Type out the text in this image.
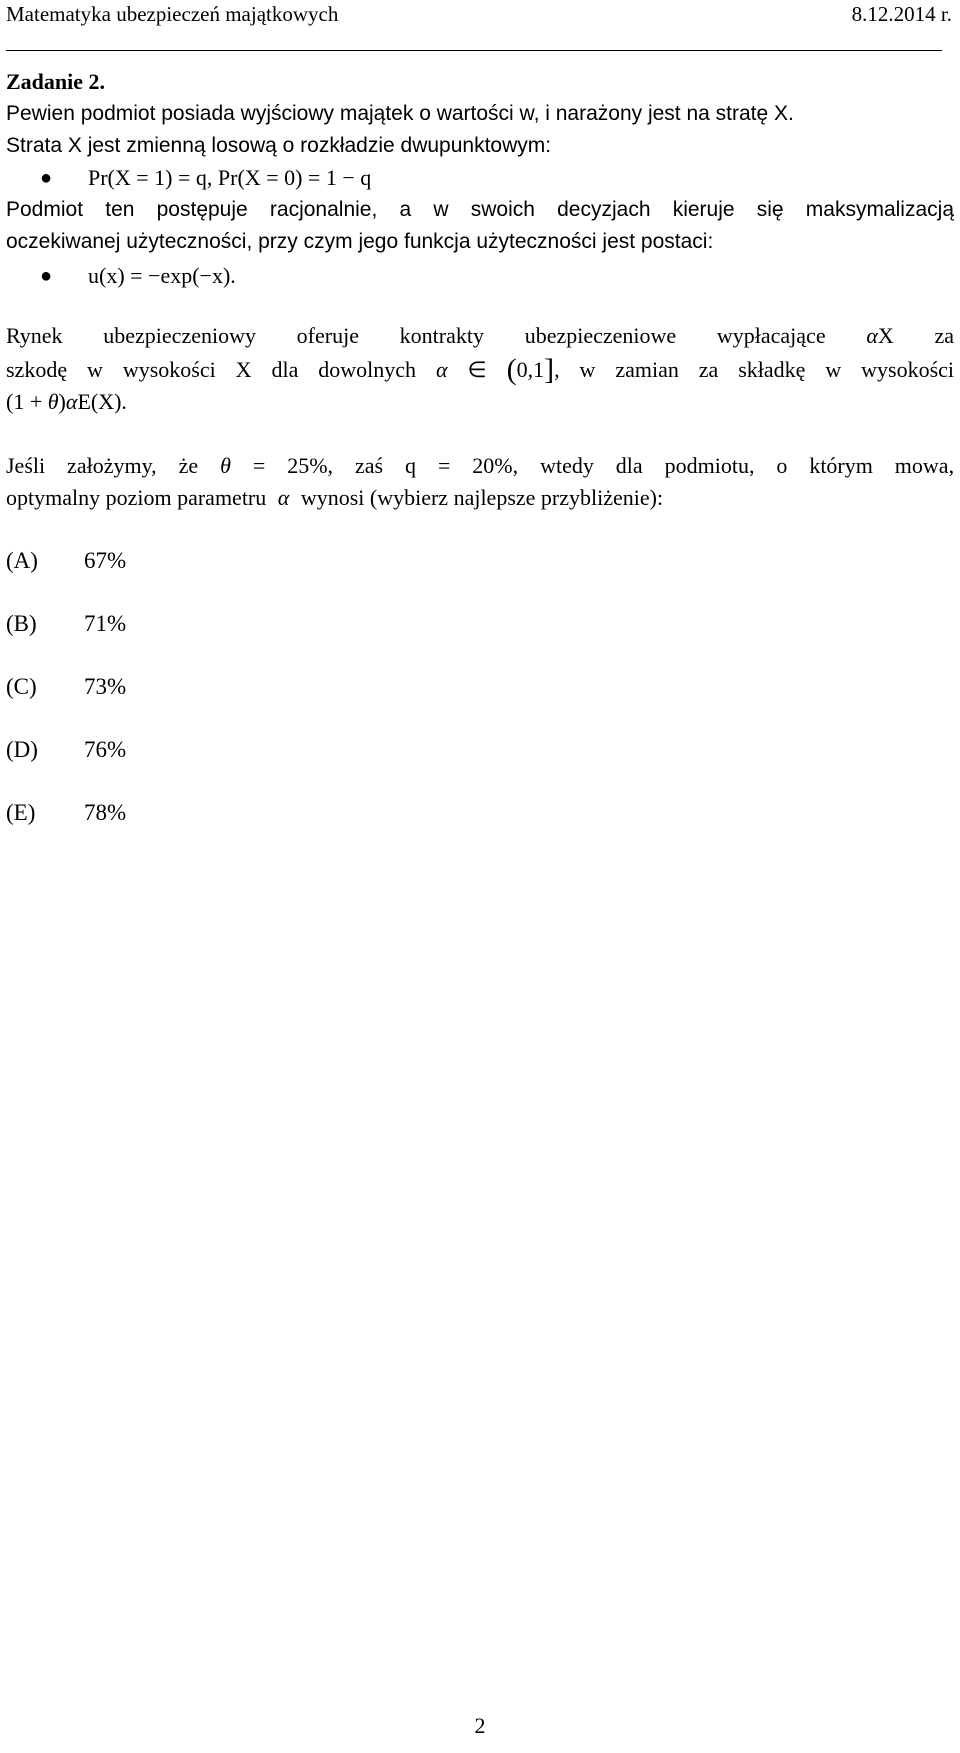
Matematyka ubezpieczeń majątkowych	8.12.2014 r.
Zadanie 2.
Pewien podmiot posiada wyjściowy majątek o wartości w, i narażony jest na stratę X.
Strata X jest zmienną losową o rozkładzie dwupunktowym:
● Pr(X = 1) = q, Pr(X = 0) = 1 − q
Podmiot ten postępuje racjonalnie, a w swoich decyzjach kieruje się maksymalizacją
oczekiwanej użyteczności, przy czym jego funkcja użyteczności jest postaci:
● u(x) = −exp(−x).
Rynek ubezpieczeniowy oferuje kontrakty ubezpieczeniowe wypłacające αX za
szkodę w wysokości X dla dowolnych α ∈ (0,1], w zamian za składkę w wysokości
(1 + θ)αE(X).
Jeśli założymy, że θ = 25%, zaś q = 20%, wtedy dla podmiotu, o którym mowa,
optymalny poziom parametru α wynosi (wybierz najlepsze przybliżenie):
(A) 67%
(B) 71%
(C) 73%
(D) 76%
(E) 78%
2
